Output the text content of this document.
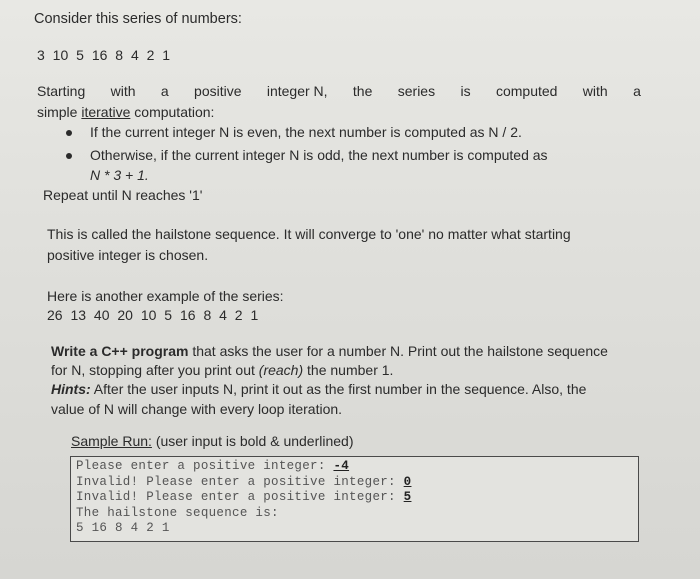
Consider this series of numbers:
3 10 5 16 8 4 2 1
Starting with a positive integer N, the series is computed with a
simple iterative computation:
If the current integer N is even, the next number is computed as N / 2.
Otherwise, if the current integer N is odd, the next number is computed as
N * 3 + 1.
Repeat until N reaches '1'
This is called the hailstone sequence. It will converge to 'one' no matter what starting
positive integer is chosen.
Here is another example of the series:
26 13 40 20 10 5 16 8 4 2 1
Write a C++ program that asks the user for a number N. Print out the hailstone sequence
for N, stopping after you print out (reach) the number 1.
Hints: After the user inputs N, print it out as the first number in the sequence. Also, the
value of N will change with every loop iteration.
Sample Run: (user input is bold & underlined)
Please enter a positive integer: -4
Invalid! Please enter a positive integer: 0
Invalid! Please enter a positive integer: 5
The hailstone sequence is:
5 16 8 4 2 1
